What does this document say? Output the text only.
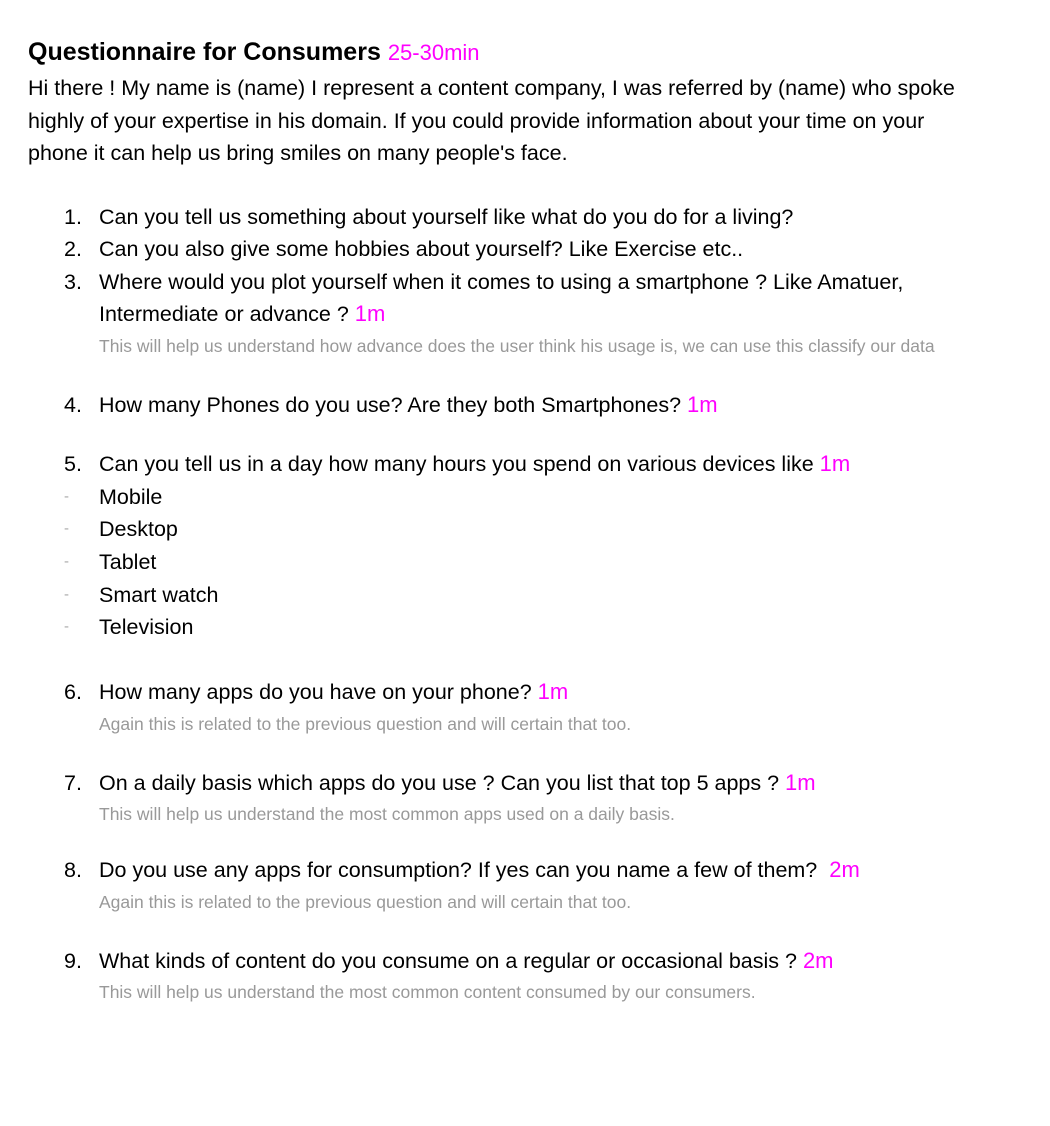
Questionnaire for Consumers 25-30min
Hi there ! My name is (name) I represent a content company, I was referred by (name) who spoke highly of your expertise in his domain. If you could provide information about your time on your phone it can help us bring smiles on many people's face.
1. Can you tell us something about yourself like what do you do for a living?
2. Can you also give some hobbies about yourself? Like Exercise etc..
3. Where would you plot yourself when it comes to using a smartphone ? Like Amatuer, Intermediate or advance ? 1m
This will help us understand how advance does the user think his usage is, we can use this classify our data
4. How many Phones do you use? Are they both Smartphones? 1m
5. Can you tell us in a day how many hours you spend on various devices like 1m
- Mobile
- Desktop
- Tablet
- Smart watch
- Television
6. How many apps do you have on your phone? 1m
Again this is related to the previous question and will certain that too.
7. On a daily basis which apps do you use ? Can you list that top 5 apps ? 1m
This will help us understand the most common apps used on a daily basis.
8. Do you use any apps for consumption? If yes can you name a few of them? 2m
Again this is related to the previous question and will certain that too.
9. What kinds of content do you consume on a regular or occasional basis ? 2m
This will help us understand the most common content consumed by our consumers.
